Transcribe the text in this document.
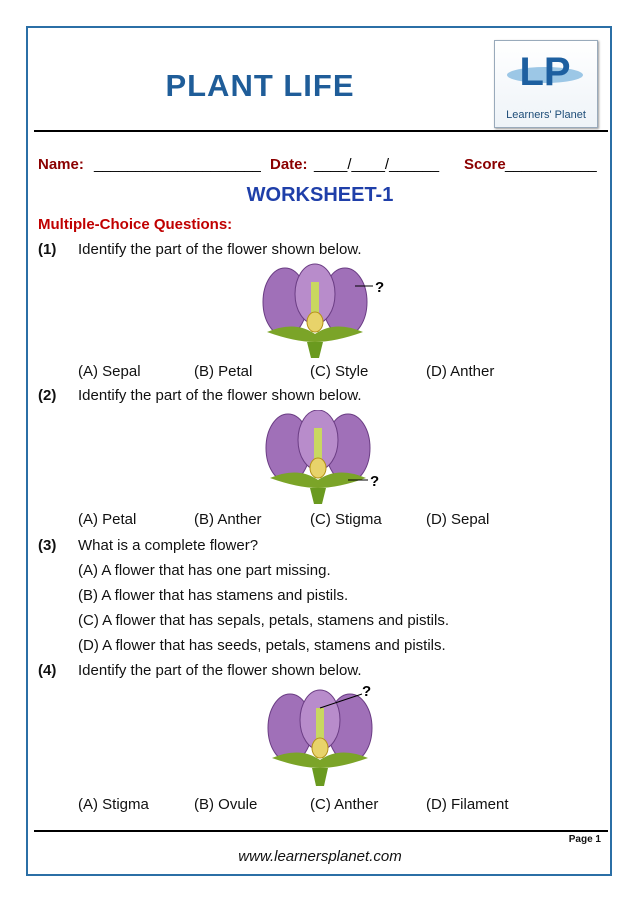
PLANT LIFE	LP
Learners' Planet
Name: ____________________ Date: ____/____/______ Score ___________
WORKSHEET-1
Multiple-Choice Questions:
(1) Identify the part of the flower shown below.
?
(A) Sepal	(B) Petal	(C) Style	(D) Anther
(2) Identify the part of the flower shown below.
?
(A) Petal	(B) Anther	(C) Stigma	(D) Sepal
(3) What is a complete flower?
(A) A flower that has one part missing.
(B) A flower that has stamens and pistils.
(C) A flower that has sepals, petals, stamens and pistils.
(D) A flower that has seeds, petals, stamens and pistils.
(4) Identify the part of the flower shown below.
?
(A) Stigma	(B) Ovule	(C) Anther	(D) Filament
Page 1
www.learnersplanet.com
